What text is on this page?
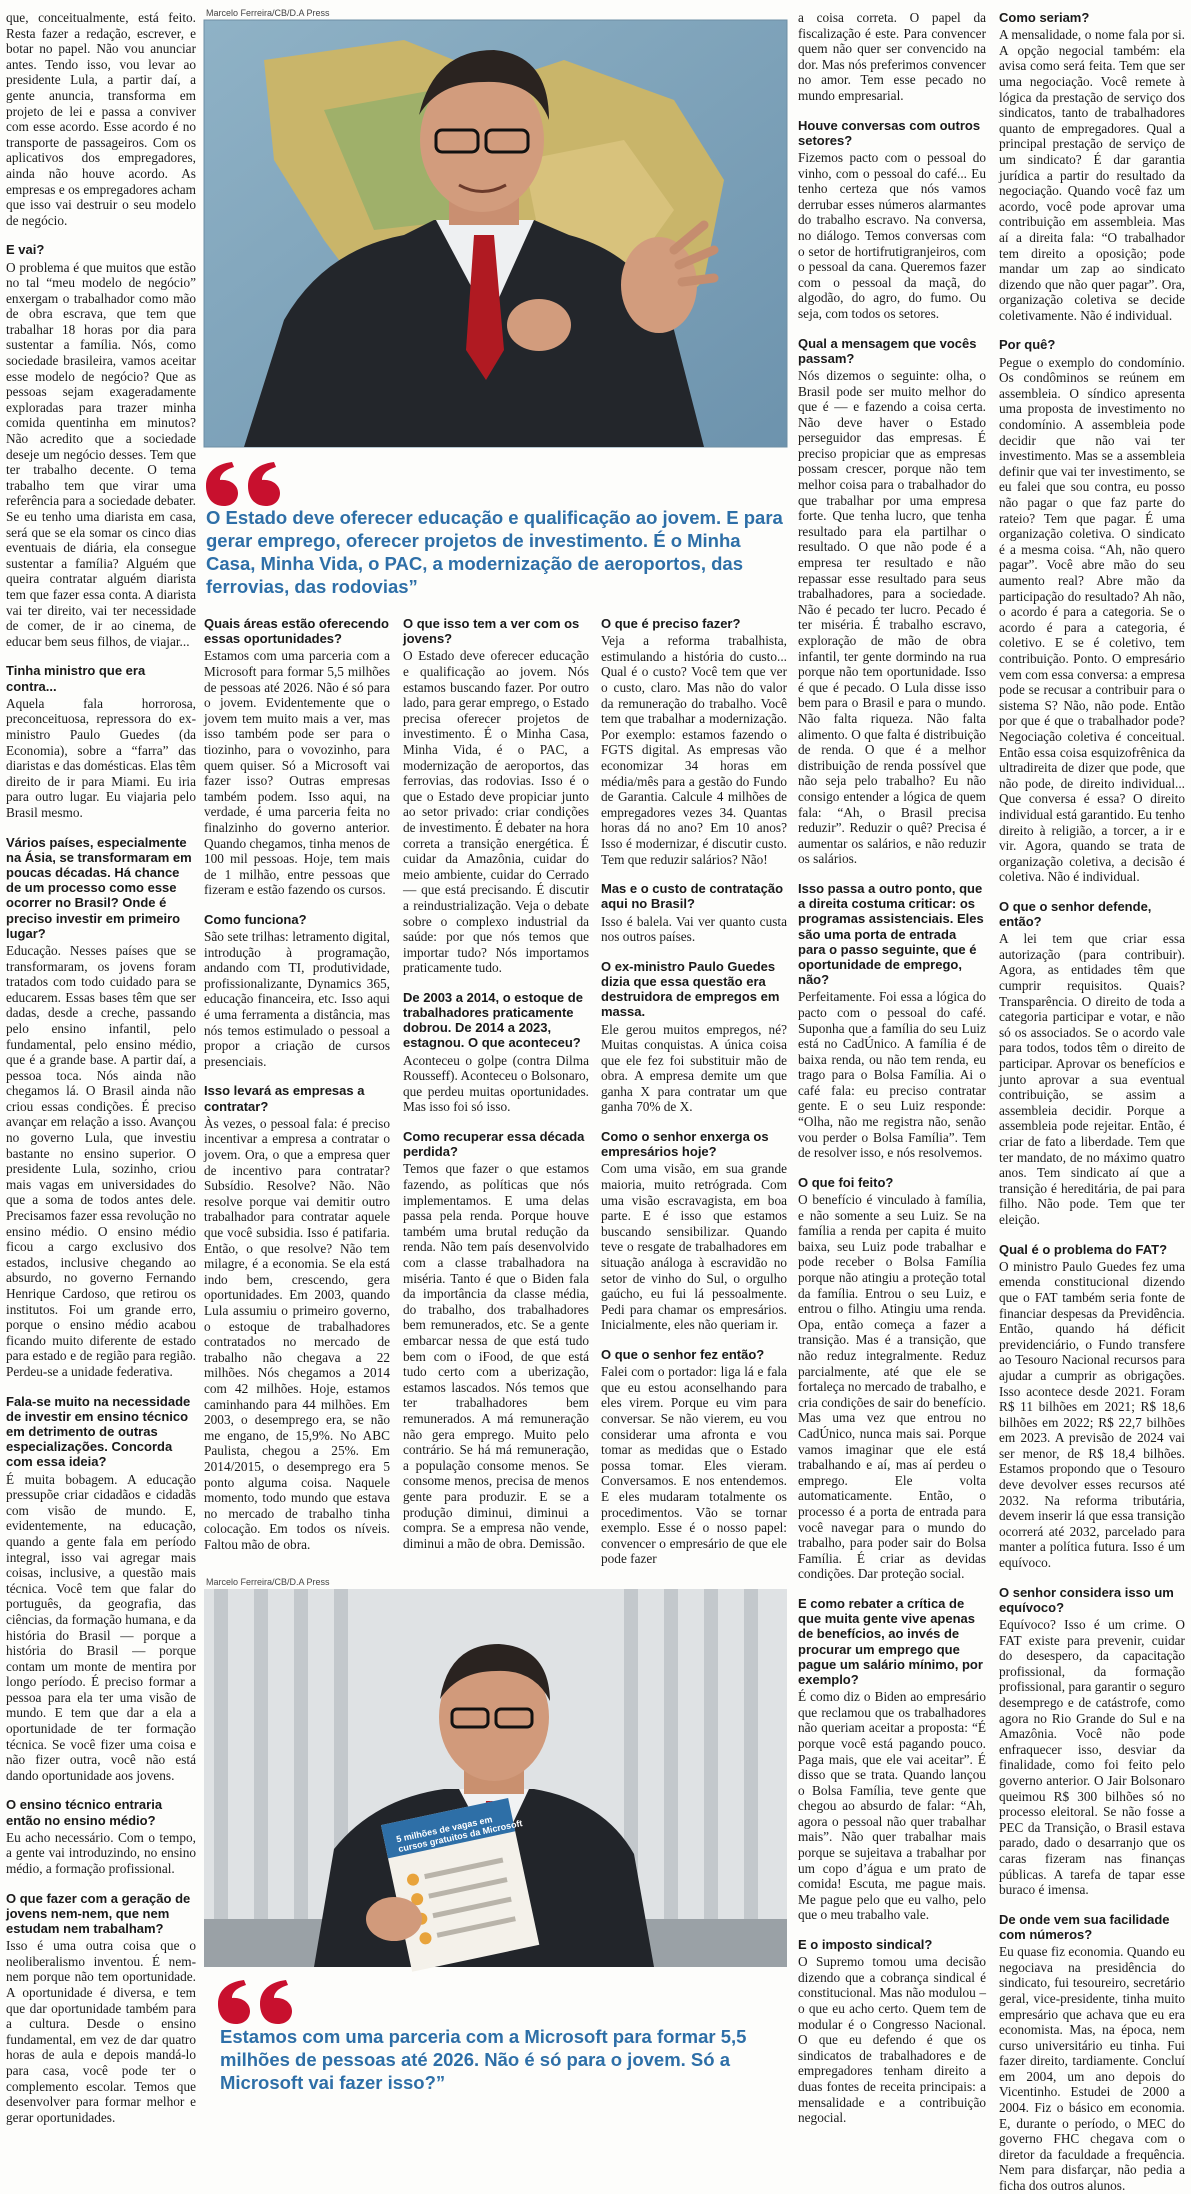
Marcelo Ferreira/CB/D.A Press
O Estado deve oferecer educação e qualificação ao jovem. E para gerar emprego, oferecer projetos de investimento. É o Minha Casa, Minha Vida, o PAC, a modernização de aeroportos, das ferrovias, das rodovias”
Marcelo Ferreira/CB/D.A Press
5 milhões de vagas em cursos gratuitos da Microsoft
Estamos com uma parceria com a Microsoft para formar 5,5 milhões de pessoas até 2026. Não é só para o jovem. Só a Microsoft vai fazer isso?”

que, conceitualmente, está feito. Resta fazer a redação, escrever, e botar no papel. Não vou anunciar antes. Tendo isso, vou levar ao presidente Lula, a partir daí, a gente anuncia, transforma em projeto de lei e passa a conviver com esse acordo. Esse acordo é no transporte de passageiros. Com os aplicativos dos empregadores, ainda não houve acordo. As empresas e os empregadores acham que isso vai destruir o seu modelo de negócio.

E vai?

O problema é que muitos que estão no tal “meu modelo de negócio” enxergam o trabalhador como mão de obra escrava, que tem que trabalhar 18 horas por dia para sustentar a família. Nós, como sociedade brasileira, vamos aceitar esse modelo de negócio? Que as pessoas sejam exageradamente exploradas para trazer minha comida quentinha em minutos? Não acredito que a sociedade deseje um negócio desses. Tem que ter trabalho decente. O tema trabalho tem que virar uma referência para a sociedade debater. Se eu tenho uma diarista em casa, será que se ela somar os cinco dias eventuais de diária, ela consegue sustentar a família? Alguém que queira contratar alguém diarista tem que fazer essa conta. A diarista vai ter direito, vai ter necessidade de comer, de ir ao cinema, de educar bem seus filhos, de viajar...

Tinha ministro que era contra...

Aquela fala horrorosa, preconceituosa, repressora do ex-ministro Paulo Guedes (da Economia), sobre a “farra” das diaristas e das domésticas. Elas têm direito de ir para Miami. Eu iria para outro lugar. Eu viajaria pelo Brasil mesmo.

Vários países, especialmente na Ásia, se transformaram em poucas décadas. Há chance de um processo como esse ocorrer no Brasil? Onde é preciso investir em primeiro lugar?

Educação. Nesses países que se transformaram, os jovens foram tratados com todo cuidado para se educarem. Essas bases têm que ser dadas, desde a creche, passando pelo ensino infantil, pelo fundamental, pelo ensino médio, que é a grande base. A partir daí, a pessoa toca. Nós ainda não chegamos lá. O Brasil ainda não criou essas condições. É preciso avançar em relação a isso. Avançou no governo Lula, que investiu bastante no ensino superior. O presidente Lula, sozinho, criou mais vagas em universidades do que a soma de todos antes dele. Precisamos fazer essa revolução no ensino médio. O ensino médio ficou a cargo exclusivo dos estados, inclusive chegando ao absurdo, no governo Fernando Henrique Cardoso, que retirou os institutos. Foi um grande erro, porque o ensino médio acabou ficando muito diferente de estado para estado e de região para região. Perdeu-se a unidade federativa.

Fala-se muito na necessidade de investir em ensino técnico em detrimento de outras especializações. Concorda com essa ideia?

É muita bobagem. A educação pressupõe criar cidadãos e cidadãs com visão de mundo. E, evidentemente, na educação, quando a gente fala em período integral, isso vai agregar mais coisas, inclusive, a questão mais técnica. Você tem que falar do português, da geografia, das ciências, da formação humana, e da história do Brasil — porque a história do Brasil — porque contam um monte de mentira por longo período. É preciso formar a pessoa para ela ter uma visão de mundo. E tem que dar a ela a oportunidade de ter formação técnica. Se você fizer uma coisa e não fizer outra, você não está dando oportunidade aos jovens.

O ensino técnico entraria então no ensino médio?

Eu acho necessário. Com o tempo, a gente vai introduzindo, no ensino médio, a formação profissional.

O que fazer com a geração de jovens nem-nem, que nem estudam nem trabalham?

Isso é uma outra coisa que o neoliberalismo inventou. É nem-nem porque não tem oportunidade. A oportunidade é diversa, e tem que dar oportunidade também para a cultura. Desde o ensino fundamental, em vez de dar quatro horas de aula e depois mandá-lo para casa, você pode ter o complemento escolar. Temos que desenvolver para formar melhor e gerar oportunidades.

Quais áreas estão oferecendo essas oportunidades?

Estamos com uma parceria com a Microsoft para formar 5,5 milhões de pessoas até 2026. Não é só para o jovem. Evidentemente que o jovem tem muito mais a ver, mas isso também pode ser para o tiozinho, para o vovozinho, para quem quiser. Só a Microsoft vai fazer isso? Outras empresas também podem. Isso aqui, na verdade, é uma parceria feita no finalzinho do governo anterior. Quando chegamos, tinha menos de 100 mil pessoas. Hoje, tem mais de 1 milhão, entre pessoas que fizeram e estão fazendo os cursos.

Como funciona?

São sete trilhas: letramento digital, introdução à programação, andando com TI, produtividade, profissionalizante, Dynamics 365, educação financeira, etc. Isso aqui é uma ferramenta a distância, mas nós temos estimulado o pessoal a propor a criação de cursos presenciais.

Isso levará as empresas a contratar?

Às vezes, o pessoal fala: é preciso incentivar a empresa a contratar o jovem. Ora, o que a empresa quer de incentivo para contratar? Subsídio. Resolve? Não. Não resolve porque vai demitir outro trabalhador para contratar aquele que você subsidia. Isso é patifaria. Então, o que resolve? Não tem milagre, é a economia. Se ela está indo bem, crescendo, gera oportunidades. Em 2003, quando Lula assumiu o primeiro governo, o estoque de trabalhadores contratados no mercado de trabalho não chegava a 22 milhões. Nós chegamos a 2014 com 42 milhões. Hoje, estamos caminhando para 44 milhões. Em 2003, o desemprego era, se não me engano, de 15,9%. No ABC Paulista, chegou a 25%. Em 2014/2015, o desemprego era 5 ponto alguma coisa. Naquele momento, todo mundo que estava no mercado de trabalho tinha colocação. Em todos os níveis. Faltou mão de obra.

O que isso tem a ver com os jovens?

O Estado deve oferecer educação e qualificação ao jovem. Nós estamos buscando fazer. Por outro lado, para gerar emprego, o Estado precisa oferecer projetos de investimento. É o Minha Casa, Minha Vida, é o PAC, a modernização de aeroportos, das ferrovias, das rodovias. Isso é o que o Estado deve propiciar junto ao setor privado: criar condições de investimento. É debater na hora correta a transição energética. É cuidar da Amazônia, cuidar do meio ambiente, cuidar do Cerrado — que está precisando. É discutir a reindustrialização. Veja o debate sobre o complexo industrial da saúde: por que nós temos que importar tudo? Nós importamos praticamente tudo.

De 2003 a 2014, o estoque de trabalhadores praticamente dobrou. De 2014 a 2023, estagnou. O que aconteceu?

Aconteceu o golpe (contra Dilma Rousseff). Aconteceu o Bolsonaro, que perdeu muitas oportunidades. Mas isso foi só isso.

Como recuperar essa década perdida?

Temos que fazer o que estamos fazendo, as políticas que nós implementamos. E uma delas passa pela renda. Porque houve também uma brutal redução da renda. Não tem país desenvolvido com a classe trabalhadora na miséria. Tanto é que o Biden fala da importância da classe média, do trabalho, dos trabalhadores bem remunerados, etc. Se a gente embarcar nessa de que está tudo bem com o iFood, de que está tudo certo com a uberização, estamos lascados. Nós temos que ter trabalhadores bem remunerados. A má remuneração não gera emprego. Muito pelo contrário. Se há má remuneração, a população consome menos. Se consome menos, precisa de menos gente para produzir. E se a produção diminui, diminui a compra. Se a empresa não vende, diminui a mão de obra. Demissão.

O que é preciso fazer?

Veja a reforma trabalhista, estimulando a história do custo... Qual é o custo? Você tem que ver o custo, claro. Mas não do valor da remuneração do trabalho. Você tem que trabalhar a modernização. Por exemplo: estamos fazendo o FGTS digital. As empresas vão economizar 34 horas em média/mês para a gestão do Fundo de Garantia. Calcule 4 milhões de empregadores vezes 34. Quantas horas dá no ano? Em 10 anos? Isso é modernizar, é discutir custo. Tem que reduzir salários? Não!

Mas e o custo de contratação aqui no Brasil?

Isso é balela. Vai ver quanto custa nos outros países.

O ex-ministro Paulo Guedes dizia que essa questão era destruidora de empregos em massa.

Ele gerou muitos empregos, né? Muitas conquistas. A única coisa que ele fez foi substituir mão de obra. A empresa demite um que ganha X para contratar um que ganha 70% de X.

Como o senhor enxerga os empresários hoje?

Com uma visão, em sua grande maioria, muito retrógrada. Com uma visão escravagista, em boa parte. E é isso que estamos buscando sensibilizar. Quando teve o resgate de trabalhadores em situação análoga à escravidão no setor de vinho do Sul, o orgulho gaúcho, eu fui lá pessoalmente. Pedi para chamar os empresários. Inicialmente, eles não queriam ir.

O que o senhor fez então?

Falei com o portador: liga lá e fala que eu estou aconselhando para eles virem. Porque eu vim para conversar. Se não vierem, eu vou considerar uma afronta e vou tomar as medidas que o Estado possa tomar. Eles vieram. Conversamos. E nos entendemos. E eles mudaram totalmente os procedimentos. Vão se tornar exemplo. Esse é o nosso papel: convencer o empresário de que ele pode fazer

a coisa correta. O papel da fiscalização é este. Para convencer quem não quer ser convencido na dor. Mas nós preferimos convencer no amor. Tem esse pecado no mundo empresarial.

Houve conversas com outros setores?

Fizemos pacto com o pessoal do vinho, com o pessoal do café... Eu tenho certeza que nós vamos derrubar esses números alarmantes do trabalho escravo. Na conversa, no diálogo. Temos conversas com o setor de hortifrutigranjeiros, com o pessoal da cana. Queremos fazer com o pessoal da maçã, do algodão, do agro, do fumo. Ou seja, com todos os setores.

Qual a mensagem que vocês passam?

Nós dizemos o seguinte: olha, o Brasil pode ser muito melhor do que é — e fazendo a coisa certa. Não deve haver o Estado perseguidor das empresas. É preciso propiciar que as empresas possam crescer, porque não tem melhor coisa para o trabalhador do que trabalhar por uma empresa forte. Que tenha lucro, que tenha resultado para ela partilhar o resultado. O que não pode é a empresa ter resultado e não repassar esse resultado para seus trabalhadores, para a sociedade. Não é pecado ter lucro. Pecado é ter miséria. É trabalho escravo, exploração de mão de obra infantil, ter gente dormindo na rua porque não tem oportunidade. Isso é que é pecado. O Lula disse isso bem para o Brasil e para o mundo. Não falta riqueza. Não falta alimento. O que falta é distribuição de renda. O que é a melhor distribuição de renda possível que não seja pelo trabalho? Eu não consigo entender a lógica de quem fala: “Ah, o Brasil precisa reduzir”. Reduzir o quê? Precisa é aumentar os salários, e não reduzir os salários.

Isso passa a outro ponto, que a direita costuma criticar: os programas assistenciais. Eles são uma porta de entrada para o passo seguinte, que é oportunidade de emprego, não?

Perfeitamente. Foi essa a lógica do pacto com o pessoal do café. Suponha que a família do seu Luiz está no CadÚnico. A família é de baixa renda, ou não tem renda, eu trago para o Bolsa Família. Ai o café fala: eu preciso contratar gente. E o seu Luiz responde: “Olha, não me registra não, senão vou perder o Bolsa Família”. Tem de resolver isso, e nós resolvemos.

O que foi feito?

O benefício é vinculado à família, e não somente a seu Luiz. Se na família a renda per capita é muito baixa, seu Luiz pode trabalhar e pode receber o Bolsa Família porque não atingiu a proteção total da família. Entrou o seu Luiz, e entrou o filho. Atingiu uma renda. Opa, então começa a fazer a transição. Mas é a transição, que não reduz integralmente. Reduz parcialmente, até que ele se fortaleça no mercado de trabalho, e cria condições de sair do benefício. Mas uma vez que entrou no CadÚnico, nunca mais sai. Porque vamos imaginar que ele está trabalhando e aí, mas aí perdeu o emprego. Ele volta automaticamente. Então, o processo é a porta de entrada para você navegar para o mundo do trabalho, para poder sair do Bolsa Família. É criar as devidas condições. Dar proteção social.

E como rebater a crítica de que muita gente vive apenas de benefícios, ao invés de procurar um emprego que pague um salário mínimo, por exemplo?

É como diz o Biden ao empresário que reclamou que os trabalhadores não queriam aceitar a proposta: “É porque você está pagando pouco. Paga mais, que ele vai aceitar”. É disso que se trata. Quando lançou o Bolsa Família, teve gente que chegou ao absurdo de falar: “Ah, agora o pessoal não quer trabalhar mais”. Não quer trabalhar mais porque se sujeitava a trabalhar por um copo d’água e um prato de comida! Escuta, me pague mais. Me pague pelo que eu valho, pelo que o meu trabalho vale.

E o imposto sindical?

O Supremo tomou uma decisão dizendo que a cobrança sindical é constitucional. Mas não modulou – o que eu acho certo. Quem tem de modular é o Congresso Nacional. O que eu defendo é que os sindicatos de trabalhadores e de empregadores tenham direito a duas fontes de receita principais: a mensalidade e a contribuição negocial.

Como seriam?

A mensalidade, o nome fala por si. A opção negocial também: ela avisa como será feita. Tem que ser uma negociação. Você remete à lógica da prestação de serviço dos sindicatos, tanto de trabalhadores quanto de empregadores. Qual a principal prestação de serviço de um sindicato? É dar garantia jurídica a partir do resultado da negociação. Quando você faz um acordo, você pode aprovar uma contribuição em assembleia. Mas aí a direita fala: “O trabalhador tem direito a oposição; pode mandar um zap ao sindicato dizendo que não quer pagar”. Ora, organização coletiva se decide coletivamente. Não é individual.

Por quê?

Pegue o exemplo do condomínio. Os condôminos se reúnem em assembleia. O síndico apresenta uma proposta de investimento no condomínio. A assembleia pode decidir que não vai ter investimento. Mas se a assembleia definir que vai ter investimento, se eu falei que sou contra, eu posso não pagar o que faz parte do rateio? Tem que pagar. É uma organização coletiva. O sindicato é a mesma coisa. “Ah, não quero pagar”. Você abre mão do seu aumento real? Abre mão da participação do resultado? Ah não, o acordo é para a categoria. Se o acordo é para a categoria, é coletivo. E se é coletivo, tem contribuição. Ponto. O empresário vem com essa conversa: a empresa pode se recusar a contribuir para o sistema S? Não, não pode. Então por que é que o trabalhador pode? Negociação coletiva é conceitual. Então essa coisa esquizofrênica da ultradireita de dizer que pode, que não pode, de direito individual... Que conversa é essa? O direito individual está garantido. Eu tenho direito à religião, a torcer, a ir e vir. Agora, quando se trata de organização coletiva, a decisão é coletiva. Não é individual.

O que o senhor defende, então?

A lei tem que criar essa autorização (para contribuir). Agora, as entidades têm que cumprir requisitos. Quais? Transparência. O direito de toda a categoria participar e votar, e não só os associados. Se o acordo vale para todos, todos têm o direito de participar. Aprovar os benefícios e junto aprovar a sua eventual contribuição, se assim a assembleia decidir. Porque a assembleia pode rejeitar. Então, é criar de fato a liberdade. Tem que ter mandato, de no máximo quatro anos. Tem sindicato aí que a transição é hereditária, de pai para filho. Não pode. Tem que ter eleição.

Qual é o problema do FAT?

O ministro Paulo Guedes fez uma emenda constitucional dizendo que o FAT também seria fonte de financiar despesas da Previdência. Então, quando há déficit previdenciário, o Fundo transfere ao Tesouro Nacional recursos para ajudar a cumprir as obrigações. Isso acontece desde 2021. Foram R$ 11 bilhões em 2021; R$ 18,6 bilhões em 2022; R$ 22,7 bilhões em 2023. A previsão de 2024 vai ser menor, de R$ 18,4 bilhões. Estamos propondo que o Tesouro deve devolver esses recursos até 2032. Na reforma tributária, devem inserir lá que essa transição ocorrerá até 2032, parcelado para manter a política futura. Isso é um equívoco.

O senhor considera isso um equívoco?

Equívoco? Isso é um crime. O FAT existe para prevenir, cuidar do desespero, da capacitação profissional, da formação profissional, para garantir o seguro desemprego e de catástrofe, como agora no Rio Grande do Sul e na Amazônia. Você não pode enfraquecer isso, desviar da finalidade, como foi feito pelo governo anterior. O Jair Bolsonaro queimou R$ 300 bilhões só no processo eleitoral. Se não fosse a PEC da Transição, o Brasil estava parado, dado o desarranjo que os caras fizeram nas finanças públicas. A tarefa de tapar esse buraco é imensa.

De onde vem sua facilidade com números?

Eu quase fiz economia. Quando eu negociava na presidência do sindicato, fui tesoureiro, secretário geral, vice-presidente, tinha muito empresário que achava que eu era economista. Mas, na época, nem curso universitário eu tinha. Fui fazer direito, tardiamente. Concluí em 2004, um ano depois do Vicentinho. Estudei de 2000 a 2004. Fiz o básico em economia. E, durante o período, o MEC do governo FHC chegava com o diretor da faculdade a frequência. Nem para disfarçar, não pedia a ficha dos outros alunos.
